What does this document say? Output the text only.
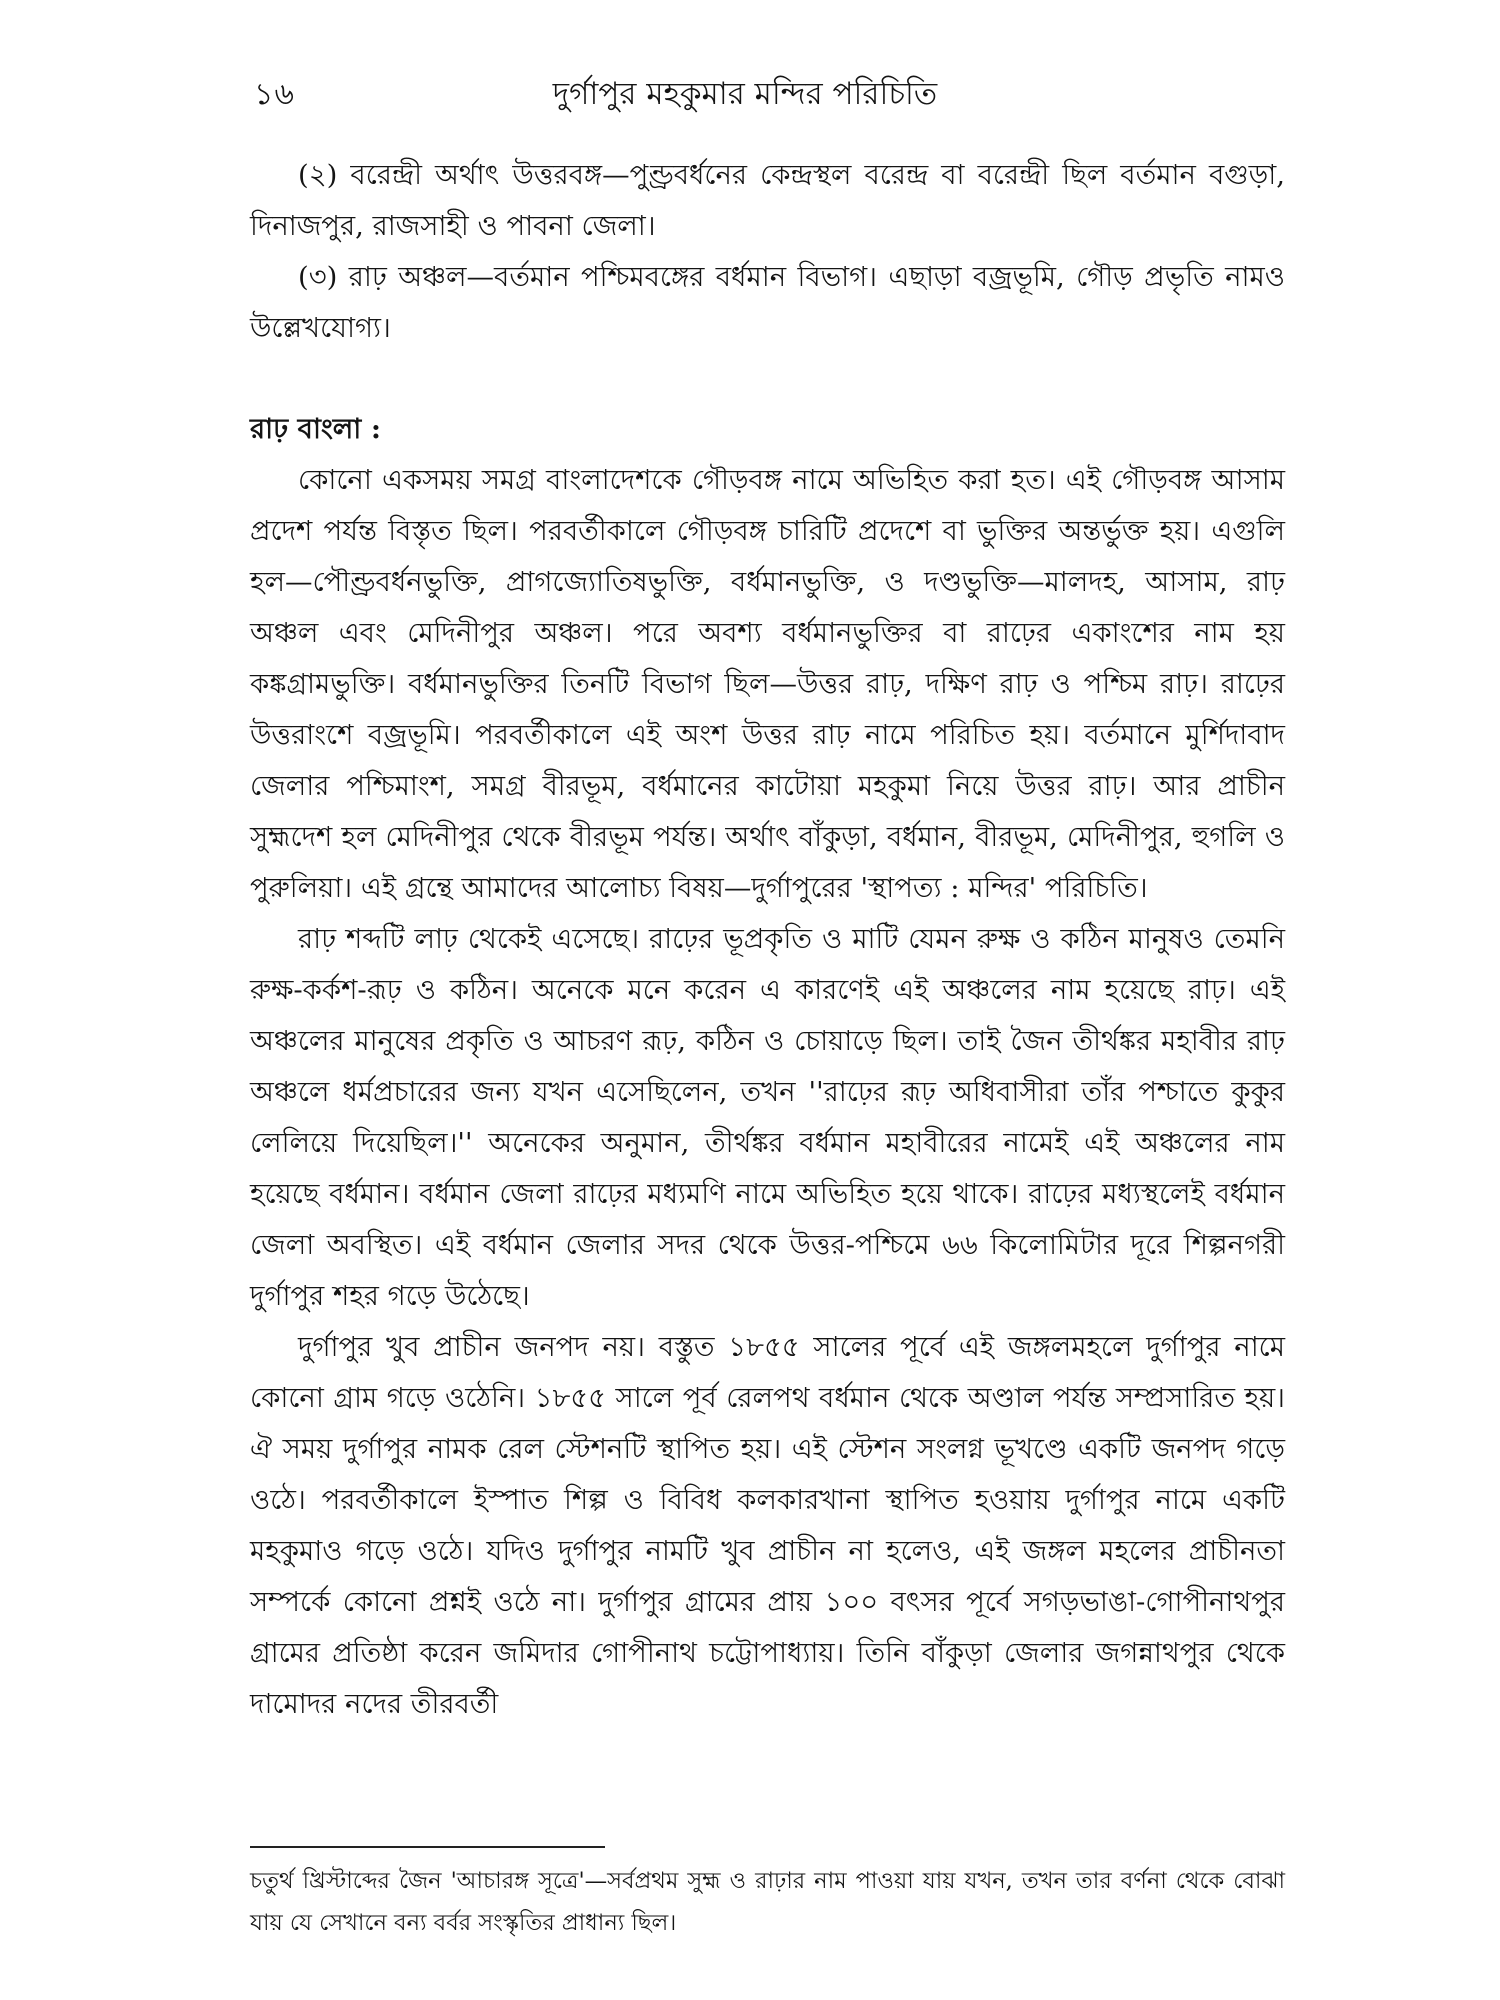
১৬	দুর্গাপুর মহকুমার মন্দির পরিচিতি

(২) বরেন্দ্রী অর্থাৎ উত্তরবঙ্গ—পুণ্ড্রবর্ধনের কেন্দ্রস্থল বরেন্দ্র বা বরেন্দ্রী ছিল বর্তমান বগুড়া, দিনাজপুর, রাজসাহী ও পাবনা জেলা।

(৩) রাঢ় অঞ্চল—বর্তমান পশ্চিমবঙ্গের বর্ধমান বিভাগ। এছাড়া বজ্রভূমি, গৌড় প্রভৃতি নামও উল্লেখযোগ্য।

রাঢ় বাংলা :

কোনো একসময় সমগ্র বাংলাদেশকে গৌড়বঙ্গ নামে অভিহিত করা হত। এই গৌড়বঙ্গ আসাম প্রদেশ পর্যন্ত বিস্তৃত ছিল। পরবর্তীকালে গৌড়বঙ্গ চারিটি প্রদেশে বা ভুক্তির অন্তর্ভুক্ত হয়। এগুলি হল—পৌণ্ড্রবর্ধনভুক্তি, প্রাগজ্যোতিষভুক্তি, বর্ধমানভুক্তি, ও দণ্ডভুক্তি—মালদহ, আসাম, রাঢ় অঞ্চল এবং মেদিনীপুর অঞ্চল। পরে অবশ্য বর্ধমানভুক্তির বা রাঢ়ের একাংশের নাম হয় কঙ্কগ্রামভুক্তি। বর্ধমানভুক্তির তিনটি বিভাগ ছিল—উত্তর রাঢ়, দক্ষিণ রাঢ় ও পশ্চিম রাঢ়। রাঢ়ের উত্তরাংশে বজ্রভূমি। পরবর্তীকালে এই অংশ উত্তর রাঢ় নামে পরিচিত হয়। বর্তমানে মুর্শিদাবাদ জেলার পশ্চিমাংশ, সমগ্র বীরভূম, বর্ধমানের কাটোয়া মহকুমা নিয়ে উত্তর রাঢ়। আর প্রাচীন সুহ্মদেশ হল মেদিনীপুর থেকে বীরভূম পর্যন্ত। অর্থাৎ বাঁকুড়া, বর্ধমান, বীরভূম, মেদিনীপুর, হুগলি ও পুরুলিয়া। এই গ্রন্থে আমাদের আলোচ্য বিষয়—দুর্গাপুরের 'স্থাপত্য : মন্দির' পরিচিতি।

রাঢ় শব্দটি লাঢ় থেকেই এসেছে। রাঢ়ের ভূপ্রকৃতি ও মাটি যেমন রুক্ষ ও কঠিন মানুষও তেমনি রুক্ষ-কর্কশ-রূঢ় ও কঠিন। অনেকে মনে করেন এ কারণেই এই অঞ্চলের নাম হয়েছে রাঢ়। এই অঞ্চলের মানুষের প্রকৃতি ও আচরণ রূঢ়, কঠিন ও চোয়াড়ে ছিল। তাই জৈন তীর্থঙ্কর মহাবীর রাঢ় অঞ্চলে ধর্মপ্রচারের জন্য যখন এসেছিলেন, তখন ''রাঢ়ের রূঢ় অধিবাসীরা তাঁর পশ্চাতে কুকুর লেলিয়ে দিয়েছিল।'' অনেকের অনুমান, তীর্থঙ্কর বর্ধমান মহাবীরের নামেই এই অঞ্চলের নাম হয়েছে বর্ধমান। বর্ধমান জেলা রাঢ়ের মধ্যমণি নামে অভিহিত হয়ে থাকে। রাঢ়ের মধ্যস্থলেই বর্ধমান জেলা অবস্থিত। এই বর্ধমান জেলার সদর থেকে উত্তর-পশ্চিমে ৬৬ কিলোমিটার দূরে শিল্পনগরী দুর্গাপুর শহর গড়ে উঠেছে।

দুর্গাপুর খুব প্রাচীন জনপদ নয়। বস্তুত ১৮৫৫ সালের পূর্বে এই জঙ্গলমহলে দুর্গাপুর নামে কোনো গ্রাম গড়ে ওঠেনি। ১৮৫৫ সালে পূর্ব রেলপথ বর্ধমান থেকে অণ্ডাল পর্যন্ত সম্প্রসারিত হয়। ঐ সময় দুর্গাপুর নামক রেল স্টেশনটি স্থাপিত হয়। এই স্টেশন সংলগ্ন ভূখণ্ডে একটি জনপদ গড়ে ওঠে। পরবর্তীকালে ইস্পাত শিল্প ও বিবিধ কলকারখানা স্থাপিত হওয়ায় দুর্গাপুর নামে একটি মহকুমাও গড়ে ওঠে। যদিও দুর্গাপুর নামটি খুব প্রাচীন না হলেও, এই জঙ্গল মহলের প্রাচীনতা সম্পর্কে কোনো প্রশ্নই ওঠে না। দুর্গাপুর গ্রামের প্রায় ১০০ বৎসর পূর্বে সগড়ভাঙা-গোপীনাথপুর গ্রামের প্রতিষ্ঠা করেন জমিদার গোপীনাথ চট্টোপাধ্যায়। তিনি বাঁকুড়া জেলার জগন্নাথপুর থেকে দামোদর নদের তীরবর্তী

চতুর্থ খ্রিস্টাব্দের জৈন 'আচারঙ্গ সূত্রে'—সর্বপ্রথম সুহ্ম ও রাঢ়ার নাম পাওয়া যায় যখন, তখন তার বর্ণনা থেকে বোঝা যায় যে সেখানে বন্য বর্বর সংস্কৃতির প্রাধান্য ছিল।
